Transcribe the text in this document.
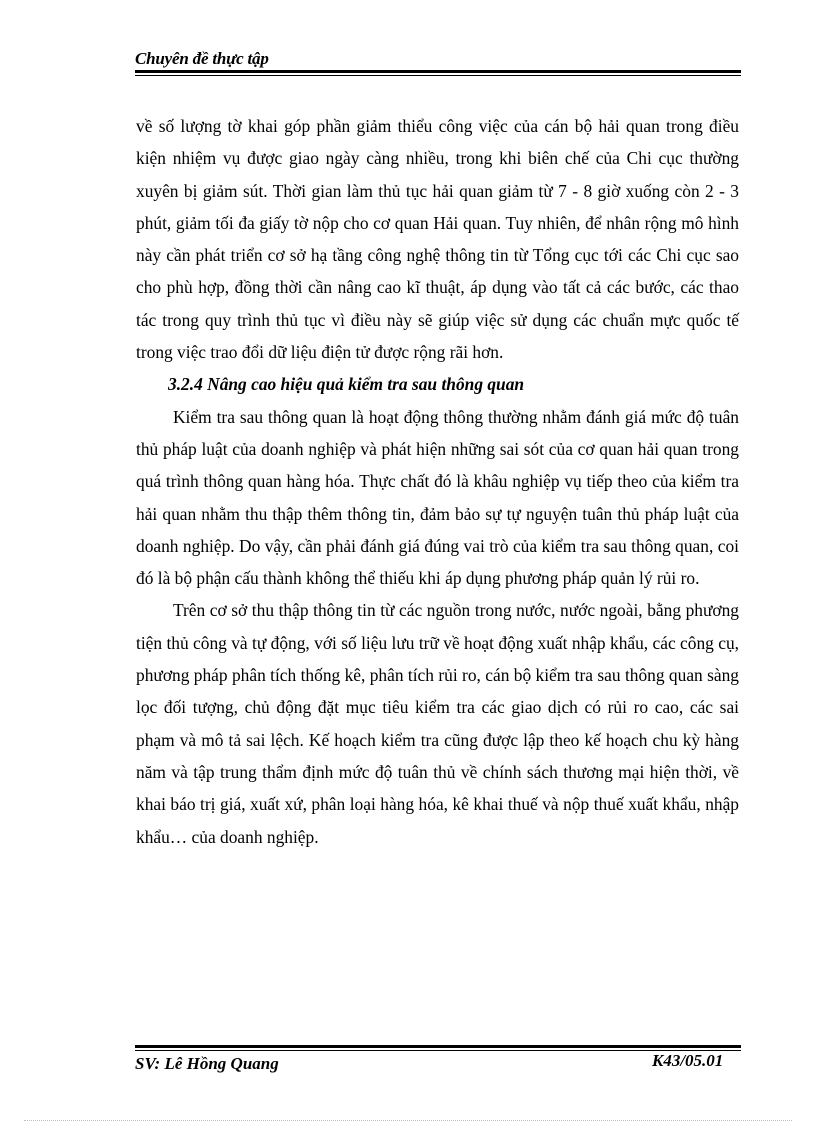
Chuyên đề thực tập

về số lượng tờ khai góp phần giảm thiểu công việc của cán bộ hải quan trong điều kiện nhiệm vụ được giao ngày càng nhiều, trong khi biên chế của Chi cục thường xuyên bị giảm sút. Thời gian làm thủ tục hải quan giảm từ 7 - 8 giờ xuống còn 2 - 3 phút, giảm tối đa giấy tờ nộp cho cơ quan Hải quan. Tuy nhiên, để nhân rộng mô hình này cần phát triển cơ sở hạ tầng công nghệ thông tin từ Tổng cục tới các Chi cục sao cho phù hợp, đồng thời cần nâng cao kĩ thuật, áp dụng vào tất cả các bước, các thao tác trong quy trình thủ tục vì điều này sẽ giúp việc sử dụng các chuẩn mực quốc tế trong việc trao đổi dữ liệu điện tử được rộng rãi hơn.

3.2.4 Nâng cao hiệu quả kiểm tra sau thông quan

Kiểm tra sau thông quan là hoạt động thông thường nhằm đánh giá mức độ tuân thủ pháp luật của doanh nghiệp và phát hiện những sai sót của cơ quan hải quan trong quá trình thông quan hàng hóa. Thực chất đó là khâu nghiệp vụ tiếp theo của kiểm tra hải quan nhằm thu thập thêm thông tin, đảm bảo sự tự nguyện tuân thủ pháp luật của doanh nghiệp. Do vậy, cần phải đánh giá đúng vai trò của kiểm tra sau thông quan, coi đó là bộ phận cấu thành không thể thiếu khi áp dụng phương pháp quản lý rủi ro.

Trên cơ sở thu thập thông tin từ các nguồn trong nước, nước ngoài, bằng phương tiện thủ công và tự động, với số liệu lưu trữ về hoạt động xuất nhập khẩu, các công cụ, phương pháp phân tích thống kê, phân tích rủi ro, cán bộ kiểm tra sau thông quan sàng lọc đối tượng, chủ động đặt mục tiêu kiểm tra các giao dịch có rủi ro cao, các sai phạm và mô tả sai lệch. Kế hoạch kiểm tra cũng được lập theo kế hoạch chu kỳ hàng năm và tập trung thẩm định mức độ tuân thủ về chính sách thương mại hiện thời, về khai báo trị giá, xuất xứ, phân loại hàng hóa, kê khai thuế và nộp thuế xuất khẩu, nhập khẩu… của doanh nghiệp.

SV: Lê Hồng Quang	K43/05.01
